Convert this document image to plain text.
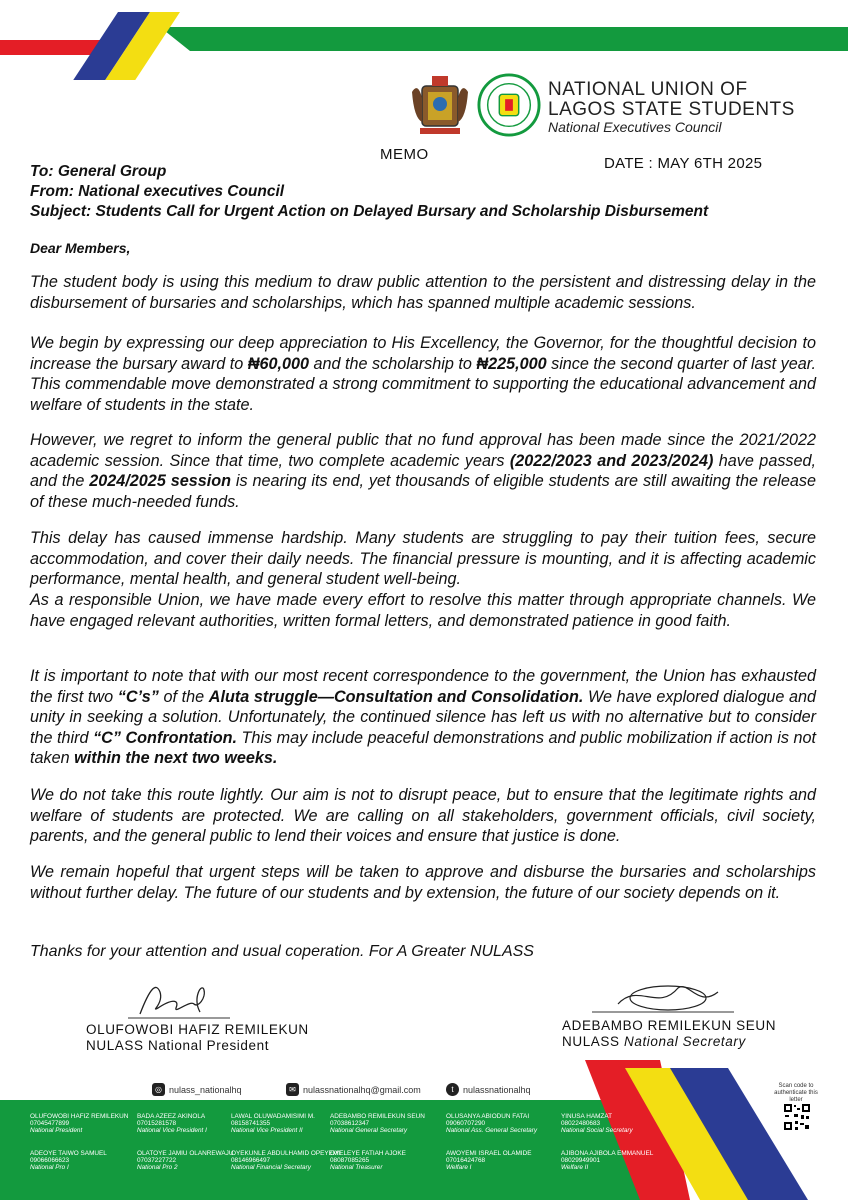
NATIONAL UNION OF
LAGOS STATE STUDENTS
National Executives Council
MEMO
DATE : MAY 6TH 2025
To: General Group
From: National executives Council
Subject: Students Call for Urgent Action on Delayed Bursary and Scholarship Disbursement
Dear Members,

The student body is using this medium to draw public attention to the persistent and distressing delay in the disbursement of bursaries and scholarships, which has spanned multiple academic sessions.

We begin by expressing our deep appreciation to His Excellency, the Governor, for the thoughtful decision to increase the bursary award to ₦60,000 and the scholarship to ₦225,000 since the second quarter of last year. This commendable move demonstrated a strong commitment to supporting the educational advancement and welfare of students in the state.

However, we regret to inform the general public that no fund approval has been made since the 2021/2022 academic session. Since that time, two complete academic years (2022/2023 and 2023/2024) have passed, and the 2024/2025 session is nearing its end, yet thousands of eligible students are still awaiting the release of these much-needed funds.

This delay has caused immense hardship. Many students are struggling to pay their tuition fees, secure accommodation, and cover their daily needs. The financial pressure is mounting, and it is affecting academic performance, mental health, and general student well-being.

As a responsible Union, we have made every effort to resolve this matter through appropriate channels. We have engaged relevant authorities, written formal letters, and demonstrated patience in good faith.

It is important to note that with our most recent correspondence to the government, the Union has exhausted the first two “C’s” of the Aluta struggle—Consultation and Consolidation. We have explored dialogue and unity in seeking a solution. Unfortunately, the continued silence has left us with no alternative but to consider the third “C” Confrontation. This may include peaceful demonstrations and public mobilization if action is not taken within the next two weeks.

We do not take this route lightly. Our aim is not to disrupt peace, but to ensure that the legitimate rights and welfare of students are protected. We are calling on all stakeholders, government officials, civil society, parents, and the general public to lend their voices and ensure that justice is done.

We remain hopeful that urgent steps will be taken to approve and disburse the bursaries and scholarships without further delay. The future of our students and by extension, the future of our society depends on it.

Thanks for your attention and usual coperation. For A Greater NULASS
OLUFOWOBI HAFIZ REMILEKUN
NULASS National President
ADEBAMBO REMILEKUN SEUN
NULASS National Secretary
◎ nulass_nationalhq	✉ nulassnationalhq@gmail.com	t	nulassnationalhq	Scan code to authenticate this letter
OLUFOWOBI HAFIZ REMILEKUN
07045477899
National President
BADA AZEEZ AKINOLA
07015281578
National Vice President I
LAWAL OLUWADAMISIMI M.
08158741355
National Vice President II
ADEBAMBO REMILEKUN SEUN
07038612347
National General Secretary
OLUSANYA ABIODUN FATAI
09060707290
National Ass. General Secretary
YINUSA HAMZAT
08022480683
National Social Secretary
ADEOYE TAIWO SAMUEL
09066066623
National Pro I
OLATOYE JAMIU OLANREWAJU
07037227722
National Pro 2
OYEKUNLE ABDULHAMID OPEYEMI
08146966497
National Financial Secretary
OYELEYE FATIAH AJOKE
08087085265
National Treasurer
AWOYEMI ISRAEL OLAMIDE
07016424768
Welfare I
AJIBONA AJIBOLA EMMANUEL
08029949901
Welfare II
